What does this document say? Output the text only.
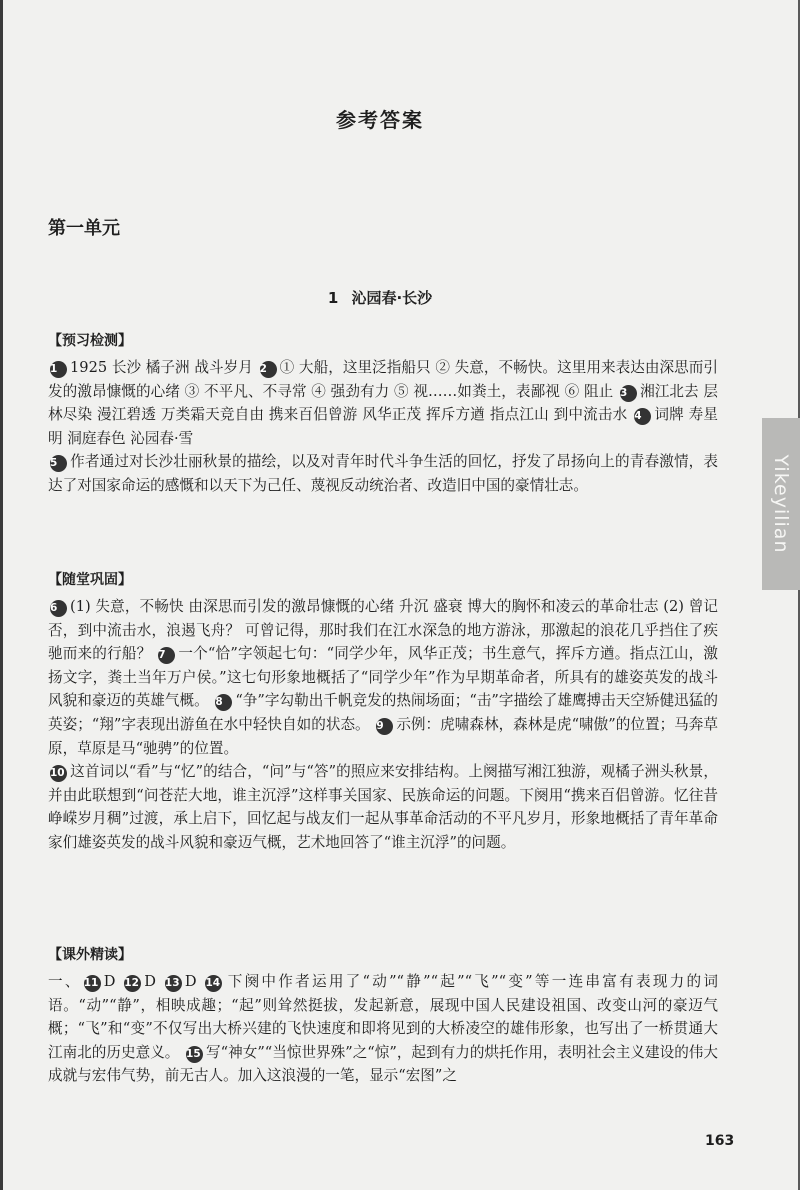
Yikeyilian
参考答案
第一单元
1 沁园春·长沙
【预习检测】
1 1925 长沙 橘子洲 战斗岁月 2 ① 大船，这里泛指船只 ② 失意，不畅快。这里用来表达由深思而引发的激昂慷慨的心绪 ③ 不平凡、不寻常 ④ 强劲有力 ⑤ 视……如粪土，表鄙视 ⑥ 阻止 3 湘江北去 层林尽染 漫江碧透 万类霜天竞自由 携来百侣曾游 风华正茂 挥斥方遒 指点江山 到中流击水 4 词牌 寿星明 洞庭春色 沁园春·雪
5 作者通过对长沙壮丽秋景的描绘，以及对青年时代斗争生活的回忆，抒发了昂扬向上的青春激情，表达了对国家命运的感慨和以天下为己任、蔑视反动统治者、改造旧中国的豪情壮志。
【随堂巩固】
6 (1) 失意，不畅快 由深思而引发的激昂慷慨的心绪 升沉 盛衰 博大的胸怀和凌云的革命壮志 (2) 曾记否，到中流击水，浪遏飞舟？ 可曾记得，那时我们在江水深急的地方游泳，那激起的浪花几乎挡住了疾驰而来的行船？ 7 一个“恰”字领起七句：“同学少年，风华正茂；书生意气，挥斥方遒。指点江山，激扬文字，粪土当年万户侯。”这七句形象地概括了“同学少年”作为早期革命者，所具有的雄姿英发的战斗风貌和豪迈的英雄气概。 8 “争”字勾勒出千帆竞发的热闹场面；“击”字描绘了雄鹰搏击天空矫健迅猛的英姿；“翔”字表现出游鱼在水中轻快自如的状态。 9 示例：虎啸森林，森林是虎“啸傲”的位置；马奔草原，草原是马“驰骋”的位置。
10 这首词以“看”与“忆”的结合，“问”与“答”的照应来安排结构。上阕描写湘江独游，观橘子洲头秋景，并由此联想到“问苍茫大地，谁主沉浮”这样事关国家、民族命运的问题。下阕用“携来百侣曾游。忆往昔峥嵘岁月稠”过渡，承上启下，回忆起与战友们一起从事革命活动的不平凡岁月，形象地概括了青年革命家们雄姿英发的战斗风貌和豪迈气概，艺术地回答了“谁主沉浮”的问题。
【课外精读】
一、 11 D 12 D 13 D 14 下阕中作者运用了“动”“静”“起”“飞”“变”等一连串富有表现力的词语。“动”“静”，相映成趣；“起”则耸然挺拔，发起新意，展现中国人民建设祖国、改变山河的豪迈气概；“飞”和“变”不仅写出大桥兴建的飞快速度和即将见到的大桥凌空的雄伟形象，也写出了一桥贯通大江南北的历史意义。 15 写“神女”“当惊世界殊”之“惊”，起到有力的烘托作用，表明社会主义建设的伟大成就与宏伟气势，前无古人。加入这浪漫的一笔，显示“宏图”之
163
